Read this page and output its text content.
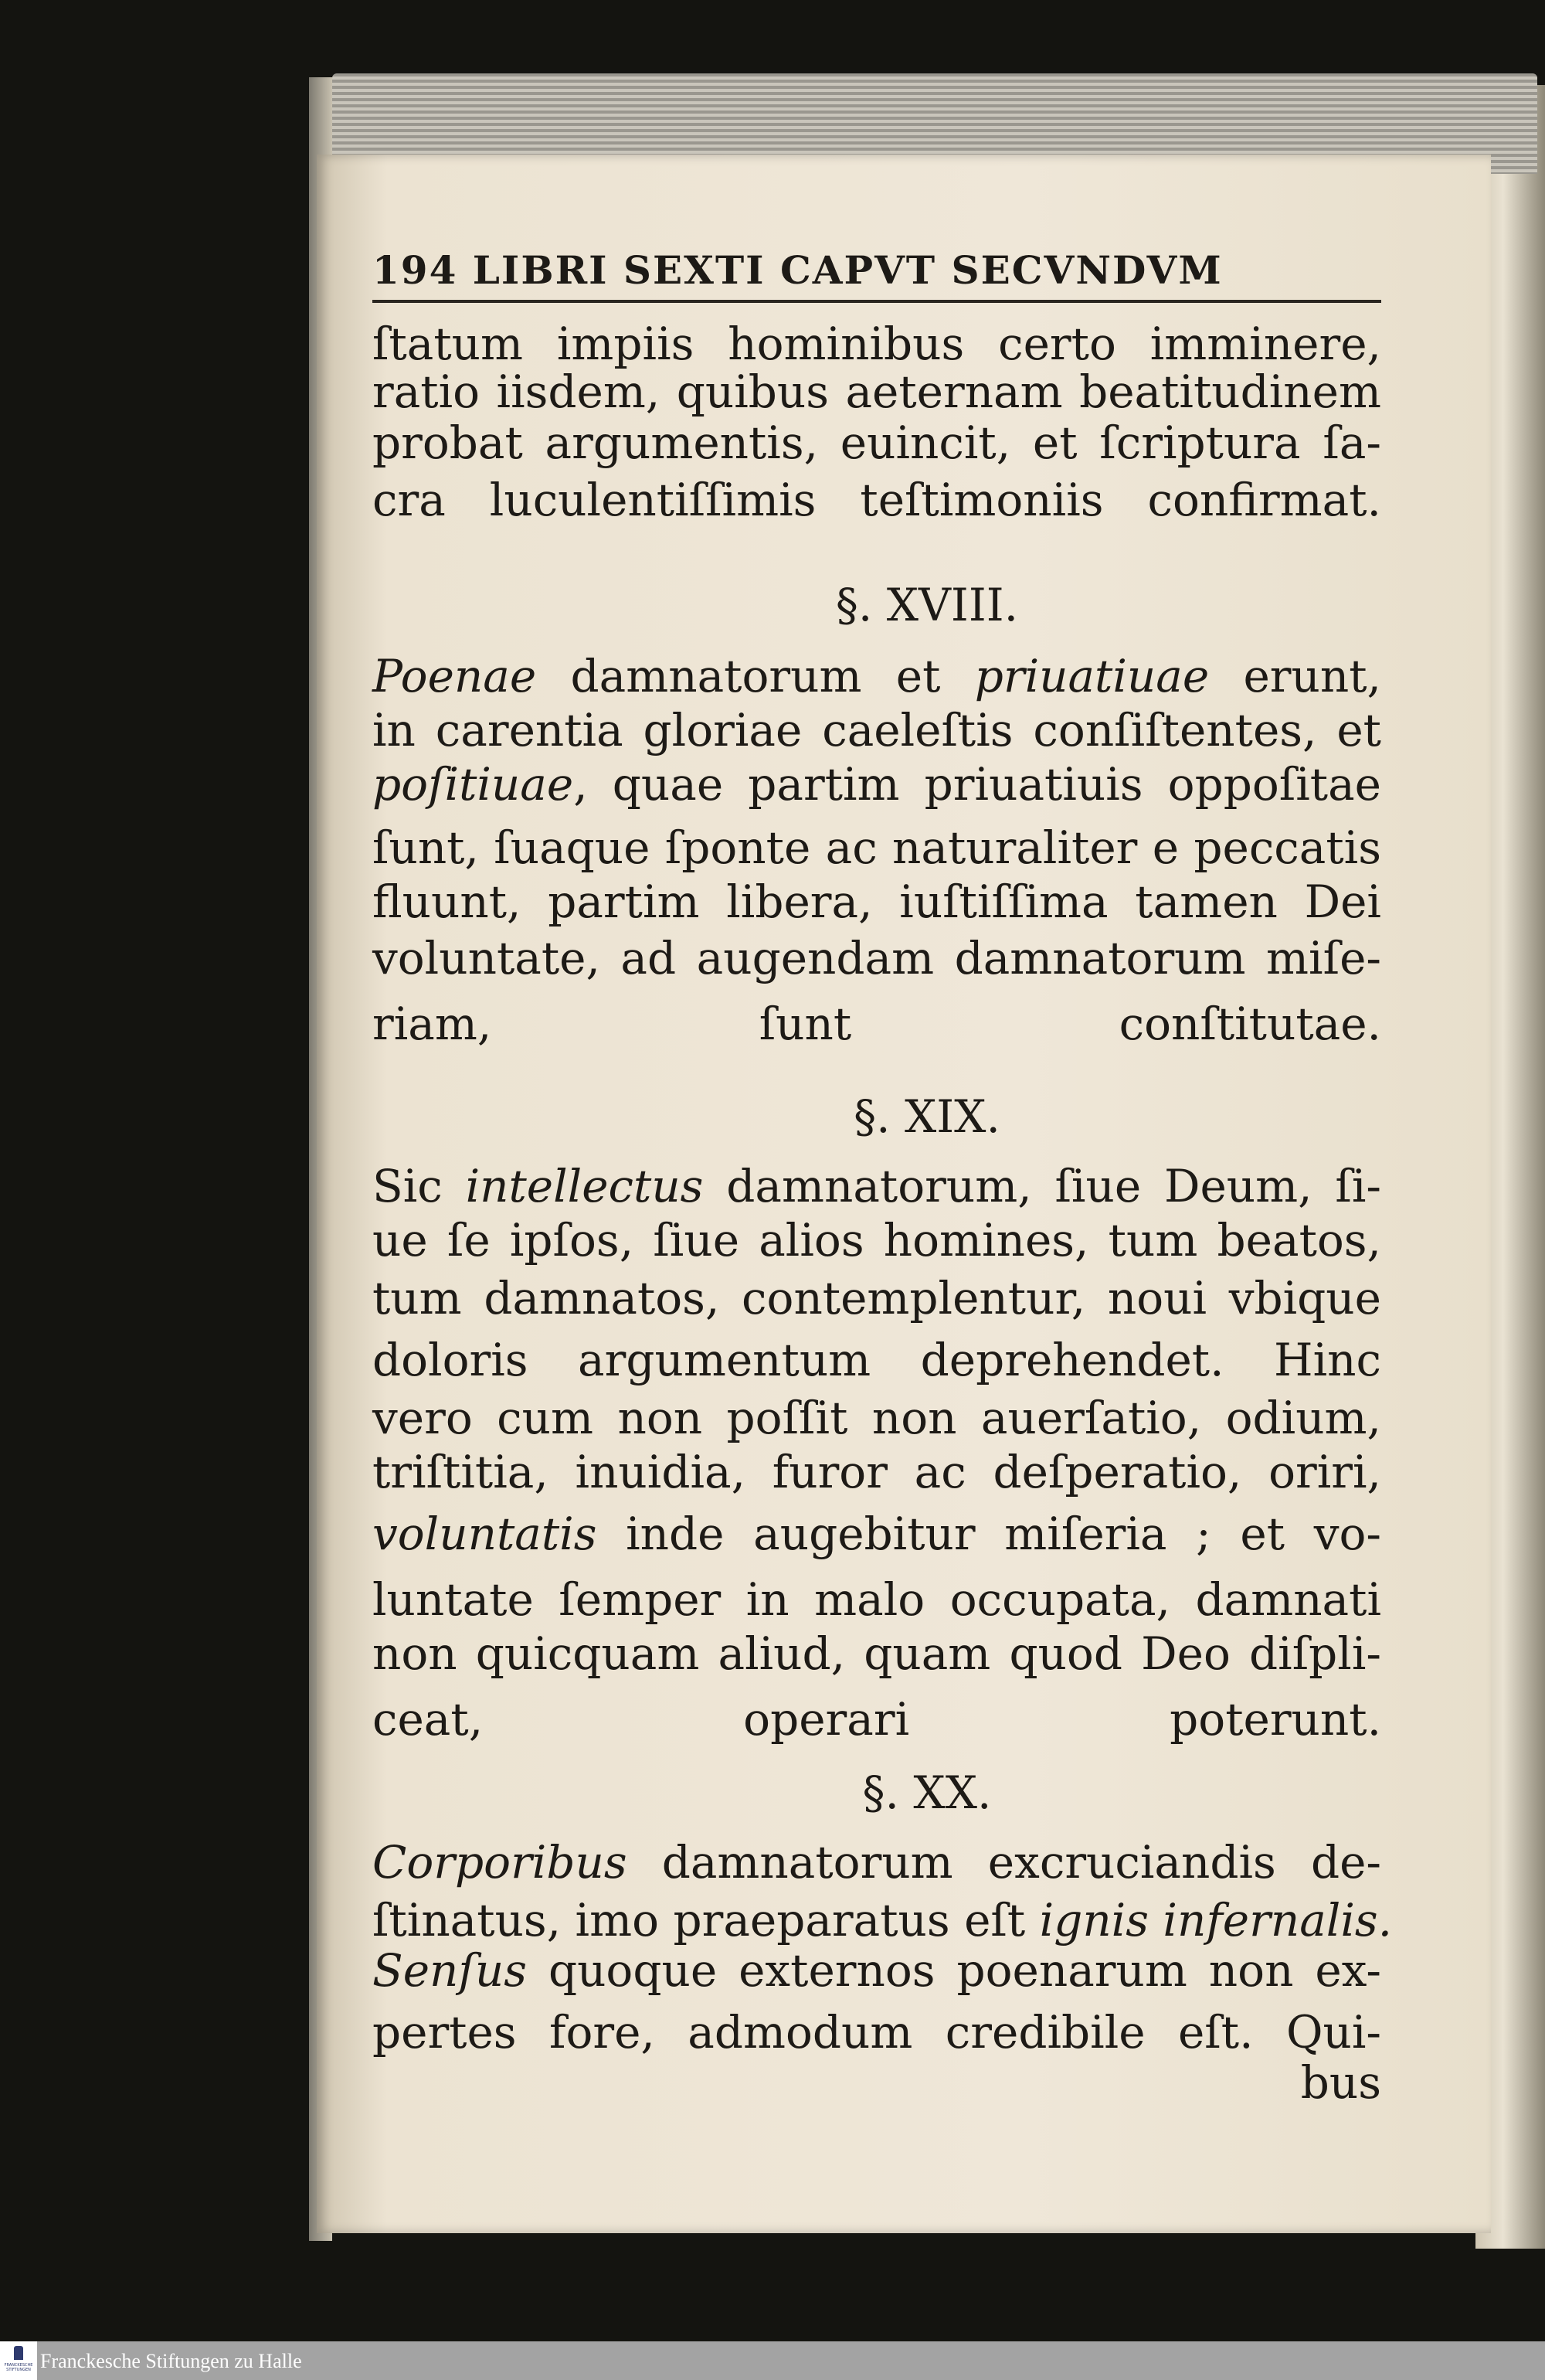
194 LIBRI SEXTI CAPVT SECVNDVM
ſtatum impiis hominibus certo imminere,
ratio iisdem, quibus aeternam beatitudinem
probat argumentis, euincit, et ſcriptura ſa-
cra luculentiſſimis teſtimoniis confirmat.
§. XVIII.
Poenae damnatorum et priuatiuae erunt,
in carentia gloriae caeleſtis conſiſtentes, et
poſitiuae, quae partim priuatiuis oppoſitae
ſunt, ſuaque ſponte ac naturaliter e peccatis
fluunt, partim libera, iuſtiſſima tamen Dei
voluntate, ad augendam damnatorum miſe-
riam, ſunt conſtitutae.
§. XIX.
Sic intellectus damnatorum, ſiue Deum, ſi-
ue ſe ipſos, ſiue alios homines, tum beatos,
tum damnatos, contemplentur, noui vbique
doloris argumentum deprehendet. Hinc
vero cum non poſſit non auerſatio, odium,
triſtitia, inuidia, furor ac deſperatio, oriri,
voluntatis inde augebitur miſeria ; et vo-
luntate ſemper in malo occupata, damnati
non quicquam aliud, quam quod Deo diſpli-
ceat, operari poterunt.
§. XX.
Corporibus damnatorum excruciandis de-
ſtinatus, imo praeparatus eſt ignis infernalis.
Senſus quoque externos poenarum non ex-
pertes fore, admodum credibile eſt. Qui-
bus
FRANCKESCHE STIFTUNGEN Franckesche Stiftungen zu Halle
